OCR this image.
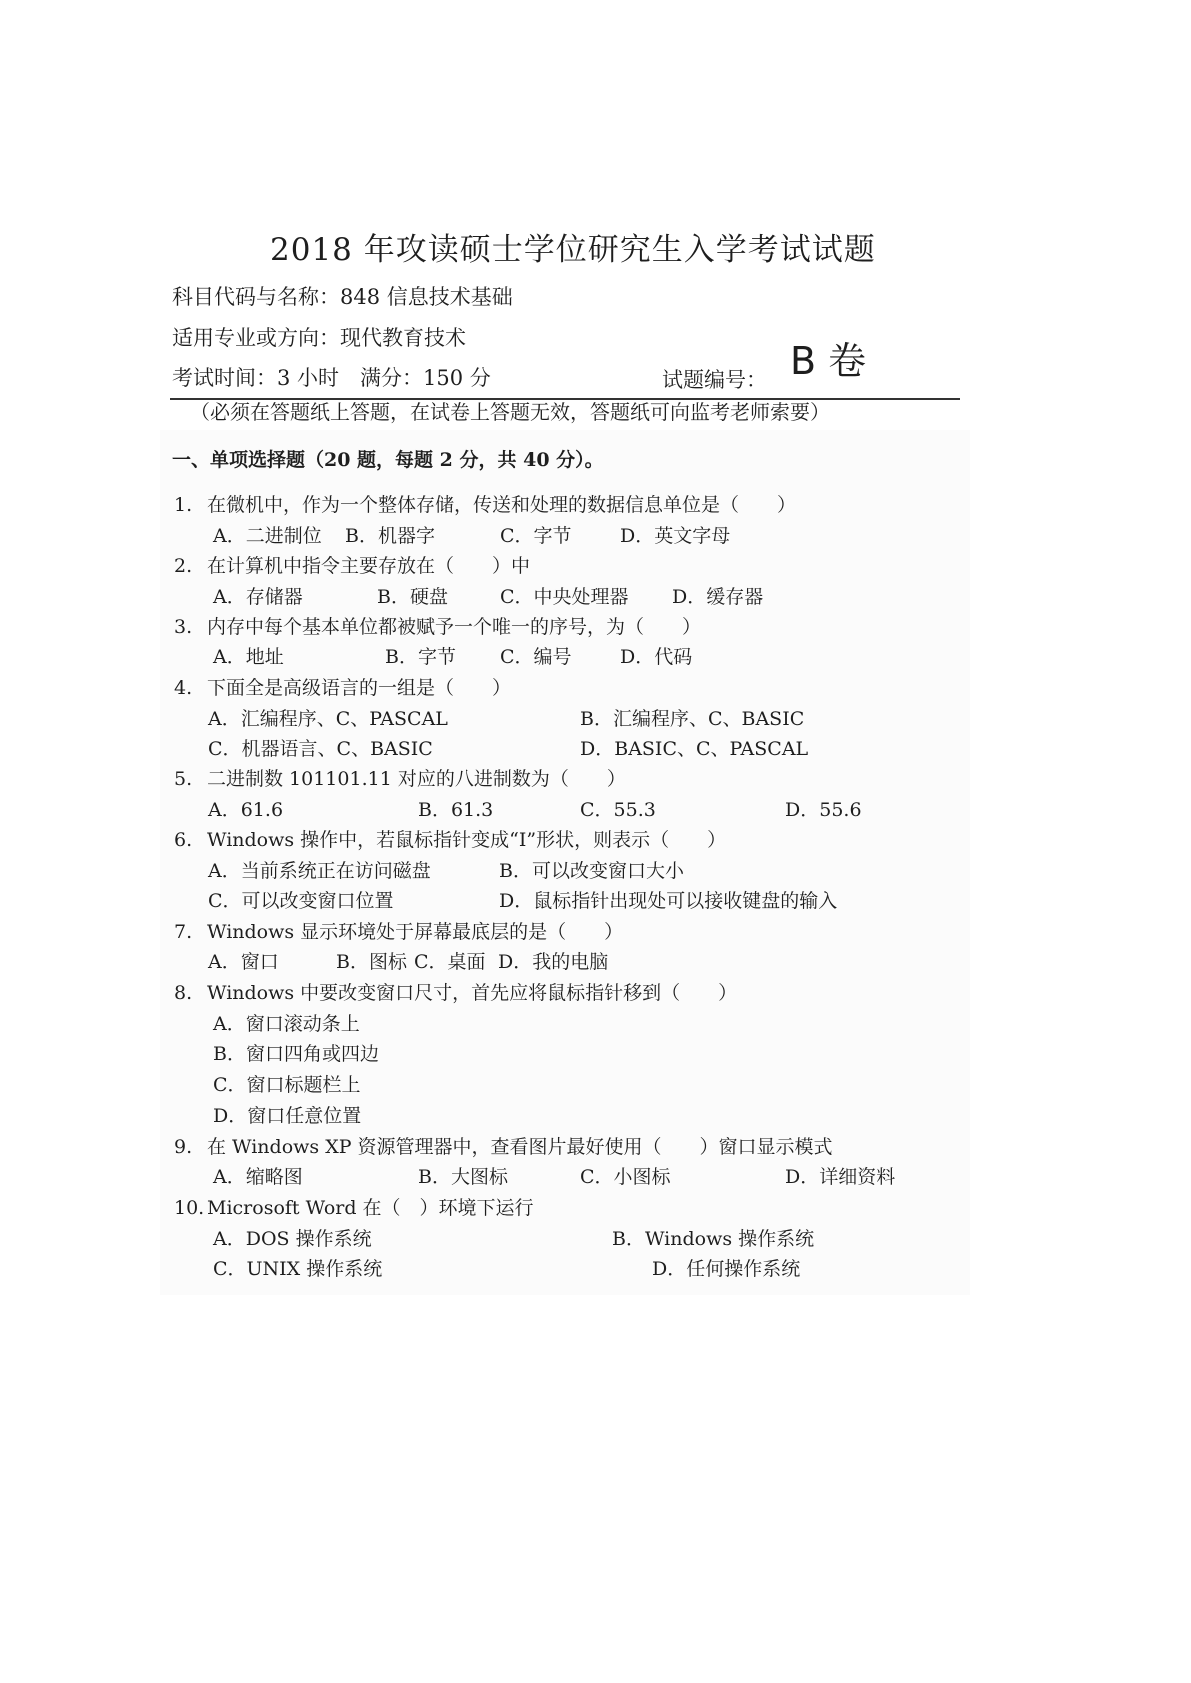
2018 年攻读硕士学位研究生入学考试试题
科目代码与名称：848 信息技术基础
适用专业或方向：现代教育技术
考试时间：3 小时　满分：150 分	试题编号： B 卷
（必须在答题纸上答题，在试卷上答题无效，答题纸可向监考老师索要）
一、单项选择题（20 题，每题 2 分，共 40 分）。
1. 在微机中，作为一个整体存储，传送和处理的数据信息单位是（　　）
A．二进制位 B．机器字	C．字节	D．英文字母
2. 在计算机中指令主要存放在（　　）中
A．存储器	B．硬盘	C．中央处理器 D．缓存器
3. 内存中每个基本单位都被赋予一个唯一的序号，为（　　）
A．地址	B．字节 C．编号	D．代码
4. 下面全是高级语言的一组是（　　）
A．汇编程序、C、PASCAL	B．汇编程序、C、BASIC
C．机器语言、C、BASIC	D．BASIC、C、PASCAL
5. 二进制数 101101.11 对应的八进制数为（　　）
A．61.6	B．61.3	C．55.3	D．55.6
6. Windows 操作中，若鼠标指针变成“I”形状，则表示（　　）
A．当前系统正在访问磁盘	B．可以改变窗口大小
C．可以改变窗口位置	D．鼠标指针出现处可以接收键盘的输入
7. Windows 显示环境处于屏幕最底层的是（　　）
A．窗口	B．图标 C．桌面 D．我的电脑
8. Windows 中要改变窗口尺寸，首先应将鼠标指针移到（　　）
A．窗口滚动条上
B．窗口四角或四边
C．窗口标题栏上
D．窗口任意位置
9. 在 Windows XP 资源管理器中，查看图片最好使用（　　）窗口显示模式
A．缩略图	B．大图标	C．小图标	D．详细资料
10. Microsoft Word 在（　）环境下运行
A．DOS 操作系统	B．Windows 操作系统
C．UNIX 操作系统	D．任何操作系统
